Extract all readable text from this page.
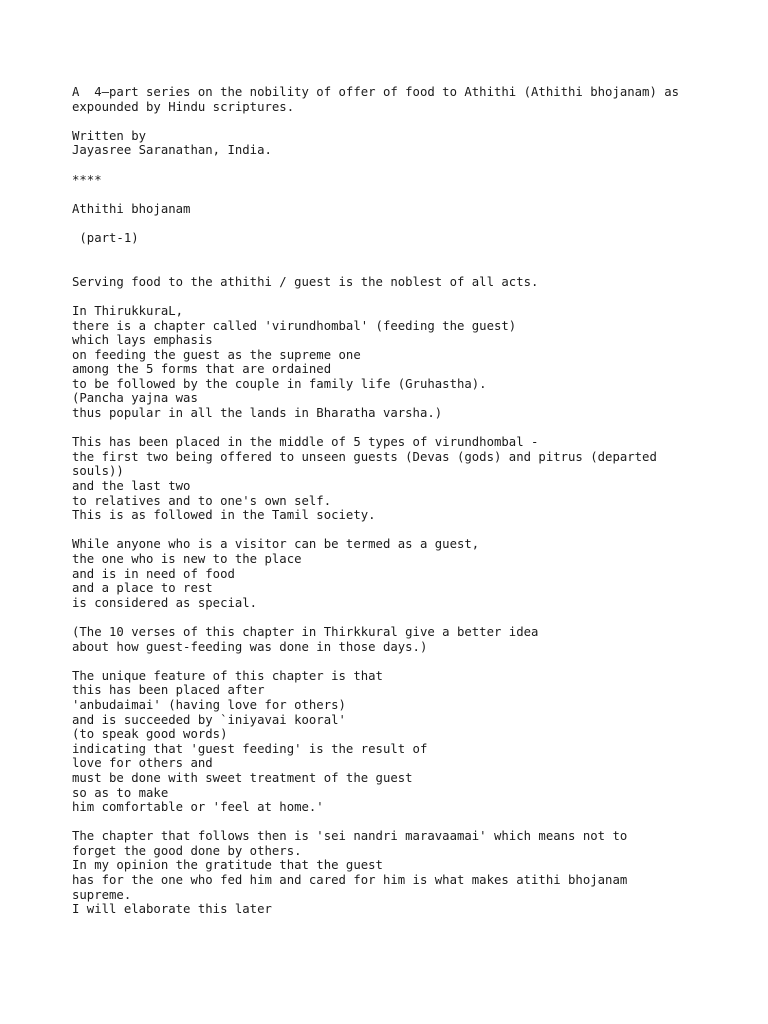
A  4–part series on the nobility of offer of food to Athithi (Athithi bhojanam) as
expounded by Hindu scriptures.
Written by
Jayasree Saranathan, India.
****
Athithi bhojanam
(part-1)
Serving food to the athithi / guest is the noblest of all acts.
In ThirukkuraL,
there is a chapter called 'virundhombal' (feeding the guest)
which lays emphasis
on feeding the guest as the supreme one
among the 5 forms that are ordained
to be followed by the couple in family life (Gruhastha).
(Pancha yajna was
thus popular in all the lands in Bharatha varsha.)
This has been placed in the middle of 5 types of virundhombal -
the first two being offered to unseen guests (Devas (gods) and pitrus (departed
souls))
and the last two
to relatives and to one's own self.
This is as followed in the Tamil society.
While anyone who is a visitor can be termed as a guest,
the one who is new to the place
and is in need of food
and a place to rest
is considered as special.
(The 10 verses of this chapter in Thirkkural give a better idea
about how guest-feeding was done in those days.)
The unique feature of this chapter is that
this has been placed after
'anbudaimai' (having love for others)
and is succeeded by `iniyavai kooral'
(to speak good words)
indicating that 'guest feeding' is the result of
love for others and
must be done with sweet treatment of the guest
so as to make
him comfortable or 'feel at home.'
The chapter that follows then is 'sei nandri maravaamai' which means not to
forget the good done by others.
In my opinion the gratitude that the guest
has for the one who fed him and cared for him is what makes atithi bhojanam
supreme.
I will elaborate this later
